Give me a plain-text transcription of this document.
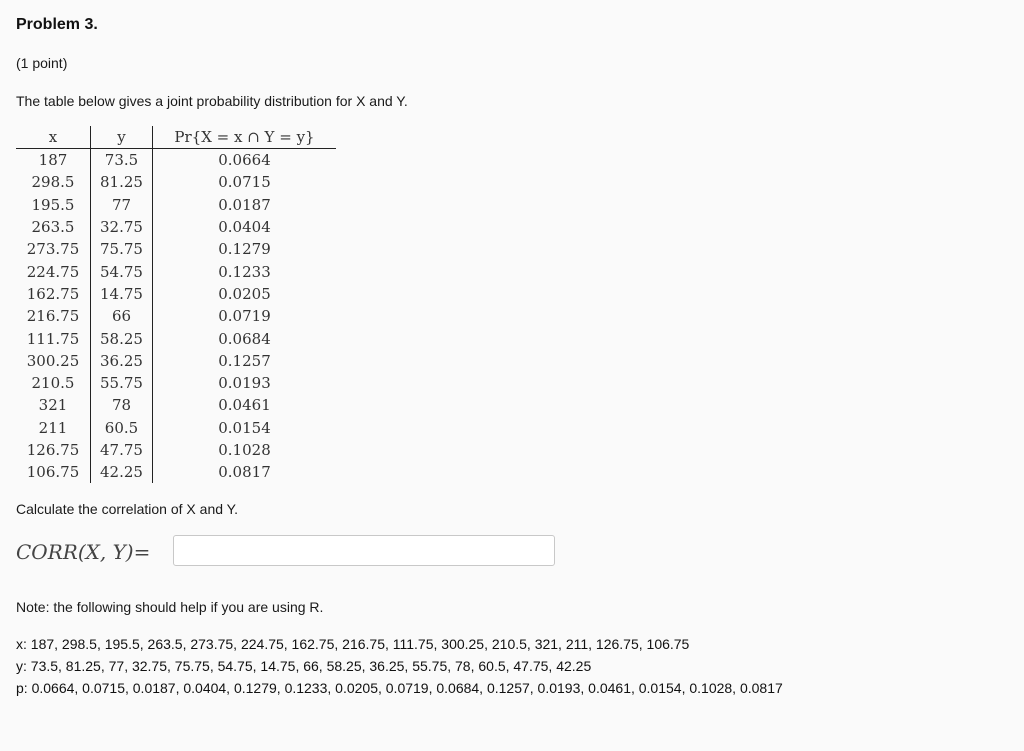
Problem 3.
(1 point)
The table below gives a joint probability distribution for X and Y.
x	y	Pr{X = x ∩ Y = y}
187	73.5	0.0664
298.5	81.25	0.0715
195.5	77	0.0187
263.5	32.75	0.0404
273.75	75.75	0.1279
224.75	54.75	0.1233
162.75	14.75	0.0205
216.75	66	0.0719
111.75	58.25	0.0684
300.25	36.25	0.1257
210.5	55.75	0.0193
321	78	0.0461
211	60.5	0.0154
126.75	47.75	0.1028
106.75	42.25	0.0817
Calculate the correlation of X and Y.
CORR(X, Y)=
Note: the following should help if you are using R.
x: 187, 298.5, 195.5, 263.5, 273.75, 224.75, 162.75, 216.75, 111.75, 300.25, 210.5, 321, 211, 126.75, 106.75
y: 73.5, 81.25, 77, 32.75, 75.75, 54.75, 14.75, 66, 58.25, 36.25, 55.75, 78, 60.5, 47.75, 42.25
p: 0.0664, 0.0715, 0.0187, 0.0404, 0.1279, 0.1233, 0.0205, 0.0719, 0.0684, 0.1257, 0.0193, 0.0461, 0.0154, 0.1028, 0.0817
